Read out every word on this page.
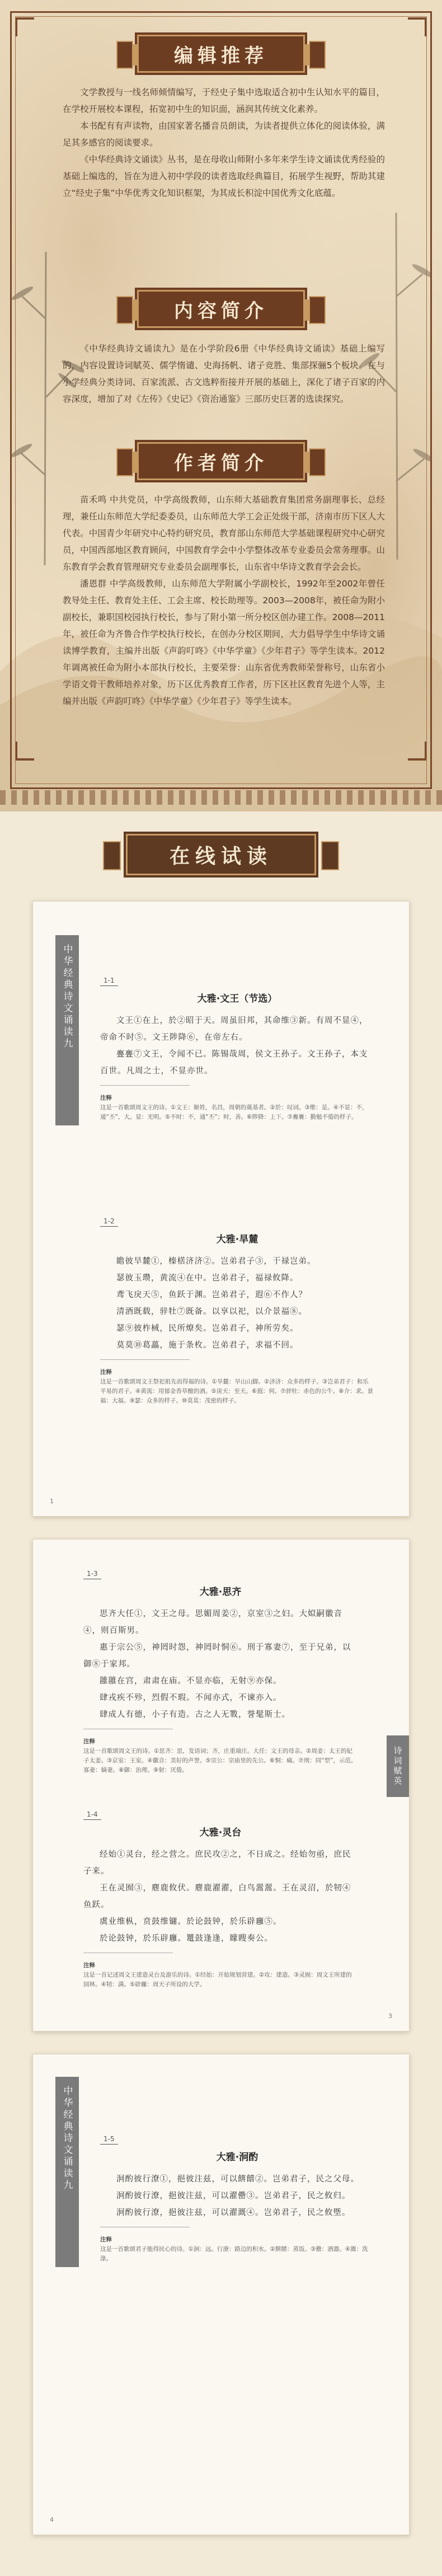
编辑推荐

文学教授与一线名师倾情编写，于经史子集中选取适合初中生认知水平的篇目，在学校开展校本课程，拓宽初中生的知识面，涵润其传统文化素养。

本书配有有声读物，由国家著名播音员朗读，为读者提供立体化的阅读体验，满足其多感官的阅读要求。

《中华经典诗文诵读》丛书，是在母收山师附小多年来学生诗文诵读优秀经验的基础上编选的，旨在为进入初中学段的读者选取经典篇目，拓展学生视野，帮助其建立“经史子集”中华优秀文化知识框架，为其成长积淀中国优秀文化底蕴。

内容简介

《中华经典诗文诵读九》是在小学阶段6册《中华经典诗文诵读》基础上编写的，内容设置诗词賦英、儒学惰谴、史海扬帆、诸子竞胜、集部探骊5个板块。在与小学经典分类诗词、百家流派、古文选粹衔接并开展的基础上，深化了诸子百家的内容深度，增加了对《左传》《史记》《资治通鉴》三部历史巨著的选读探究。

作者简介

苗禾鸣 中共党员，中学高级教师，山东师大基础教育集团常务副理事长、总经理，兼任山东师范大学纪委委员，山东师范大学工会正处级干部，济南市历下区人大代表。中国青少年研究中心特约研究员，教育部山东师范大学基础课程研究中心研究员，中国西部地区教育顾问，中国教育学会中小学整体改革专业委员会常务理事。山东教育学会教育管理研究专业委员会副理事长，山东省中华诗文教育学会会长。

潘恩群 中学高级教师，山东师范大学附属小学副校长，1992年至2002年曾任教导处主任、教育处主任、工会主席、校长助理等。2003—2008年，被任命为附小副校长，兼职国校园执行校长，参与了附小第一所分校区创办建工作。2008—2011年，被任命为齐鲁合作学校执行校长，在创办分校区期间，大力倡导学生中华诗文诵读博学教育，主编并出版《声韵叮咚》《中华学童》《少年君子》等学生读本。2012年调离被任命为附小本部执行校长，主要荣誉：山东省优秀教师荣誉称号，山东省小学语文骨干教师培养对象，历下区优秀教育工作者，历下区社区教育先进个人等，主编并出版《声韵叮咚》《中华学童》《少年君子》等学生读本。

在线试读
中华经典诗文诵读九	1-1
大雅·文王（节选）
文王①在上，於②昭于天。周虽旧邦，其命维③新。有周不显④，帝命不时⑤。文王陟降⑥，在帝左右。
亹亹⑦文王，令闻不已。陈锡哉周，侯文王孙子。文王孙子，本支百世。凡周之士，不显亦世。
注释
这是一首歌颂周文王的诗。①文王：姬姓，名昌，周朝的奠基者。②於：叹词。③维：是。④不显：不，通“丕”，大。显：光明。⑤不时：不，通“丕”；时，善。⑥陟降：上下。⑦亹亹：勤勉不倦的样子。
1-2
大雅·旱麓
瞻彼旱麓①，榛楛济济②。岂弟君子③，干禄岂弟。
瑟彼玉瓒，黄流④在中。岂弟君子，福禄攸降。
鸢飞戾天⑤，鱼跃于渊。岂弟君子，遐⑥不作人？
清酒既载，骍牡⑦既备。以享以祀，以介景福⑧。
瑟⑨彼柞棫，民所燎矣。岂弟君子，神所劳矣。
莫莫⑩葛藟，施于条枚。岂弟君子，求福不回。
注释
这是一首歌颂周文王祭祀祖先而得福的诗。①旱麓：旱山山脚。②济济：众多的样子。③岂弟君子：和乐平易的君子。④黄流：用郁金香草酿的酒。⑤戾天：至天。⑥遐：何。⑦骍牡：赤色的公牛。⑧介：求。景福：大福。⑨瑟：众多的样子。⑩莫莫：茂密的样子。
1
诗词赋英
1-3
大雅·思齐
思齐大任①，文王之母。思媚周姜②，京室③之妇。大姒嗣徽音④，则百斯男。
惠于宗公⑤，神罔时怨，神罔时恫⑥。刑于寡妻⑦，至于兄弟，以御⑧于家邦。
雝雝在宫，肃肃在庙。不显亦临，无射⑨亦保。
肆戎疾不殄，烈假不瑕。不闻亦式，不谏亦入。
肆成人有德，小子有造。古之人无斁，誉髦斯士。
注释
这是一首歌颂周文王的诗。①思齐：思，发语词；齐，庄重端庄。大任：文王的母亲。②周姜：太王的妃子太姜。③京室：王室。④徽音：美好的声誉。⑤宗公：宗庙里的先公。⑥恫：痛。⑦刑：同“型”，示范。寡妻：嫡妻。⑧御：治理。⑨射：厌倦。
1-4
大雅·灵台
经始①灵台，经之营之。庶民攻②之，不日成之。经始勿亟，庶民子来。
王在灵囿③，麀鹿攸伏。麀鹿濯濯，白鸟翯翯。王在灵沼，於牣④鱼跃。
虡业维枞，贲鼓维镛。於论鼓钟，於乐辟廱⑤。
於论鼓钟，於乐辟廱。鼍鼓逢逢，矇瞍奏公。
注释
这是一首记述周文王建造灵台及游乐的诗。①经始：开始规划营建。②攻：建造。③灵囿：周文王所建的园林。④牣：满。⑤辟廱：周天子所设的大学。
3
中华经典诗文诵读九	1-5
大雅·泂酌
泂酌彼行潦①，挹彼注兹，可以餴饎②。岂弟君子，民之父母。
泂酌彼行潦，挹彼注兹，可以濯罍③。岂弟君子，民之攸归。
泂酌彼行潦，挹彼注兹，可以濯溉④。岂弟君子，民之攸塈。
注释
这是一首歌颂君子能得民心的诗。①泂：远。行潦：路边的积水。②餴饎：蒸饭。③罍：酒器。④溉：洗涤。
4
